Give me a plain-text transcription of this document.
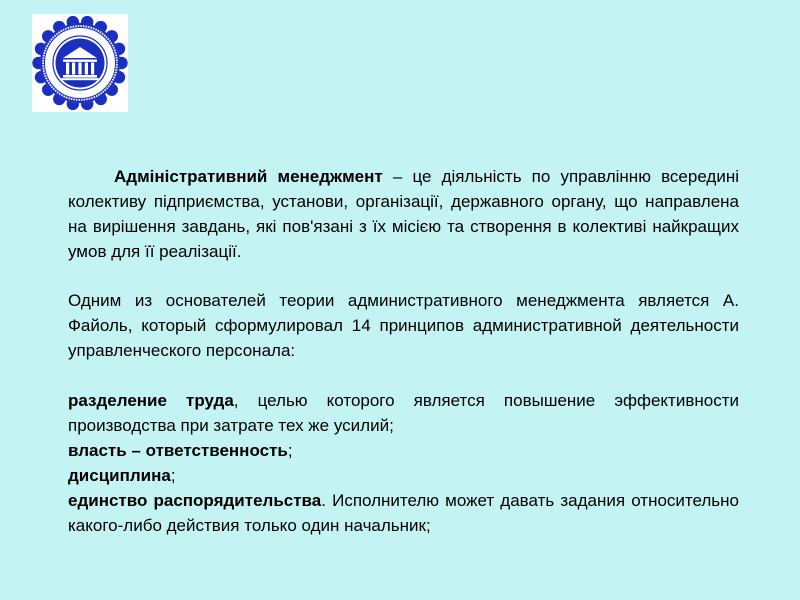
Адміністративний менеджмент – це діяльність по управлінню всередині колективу підприємства, установи, організації, державного органу, що направлена на вирішення завдань, які пов'язані з їх місією та створення в колективі найкращих умов для її реалізації.

Одним из основателей теории административного менеджмента является А. Файоль, который сформулировал 14 принципов административной деятельности управленческого персонала:

разделение труда, целью которого является повышение эффективности производства при затрате тех же усилий;

власть – ответственность;

дисциплина;

единство распорядительства. Исполнителю может давать задания относительно какого-либо действия только один начальник;
